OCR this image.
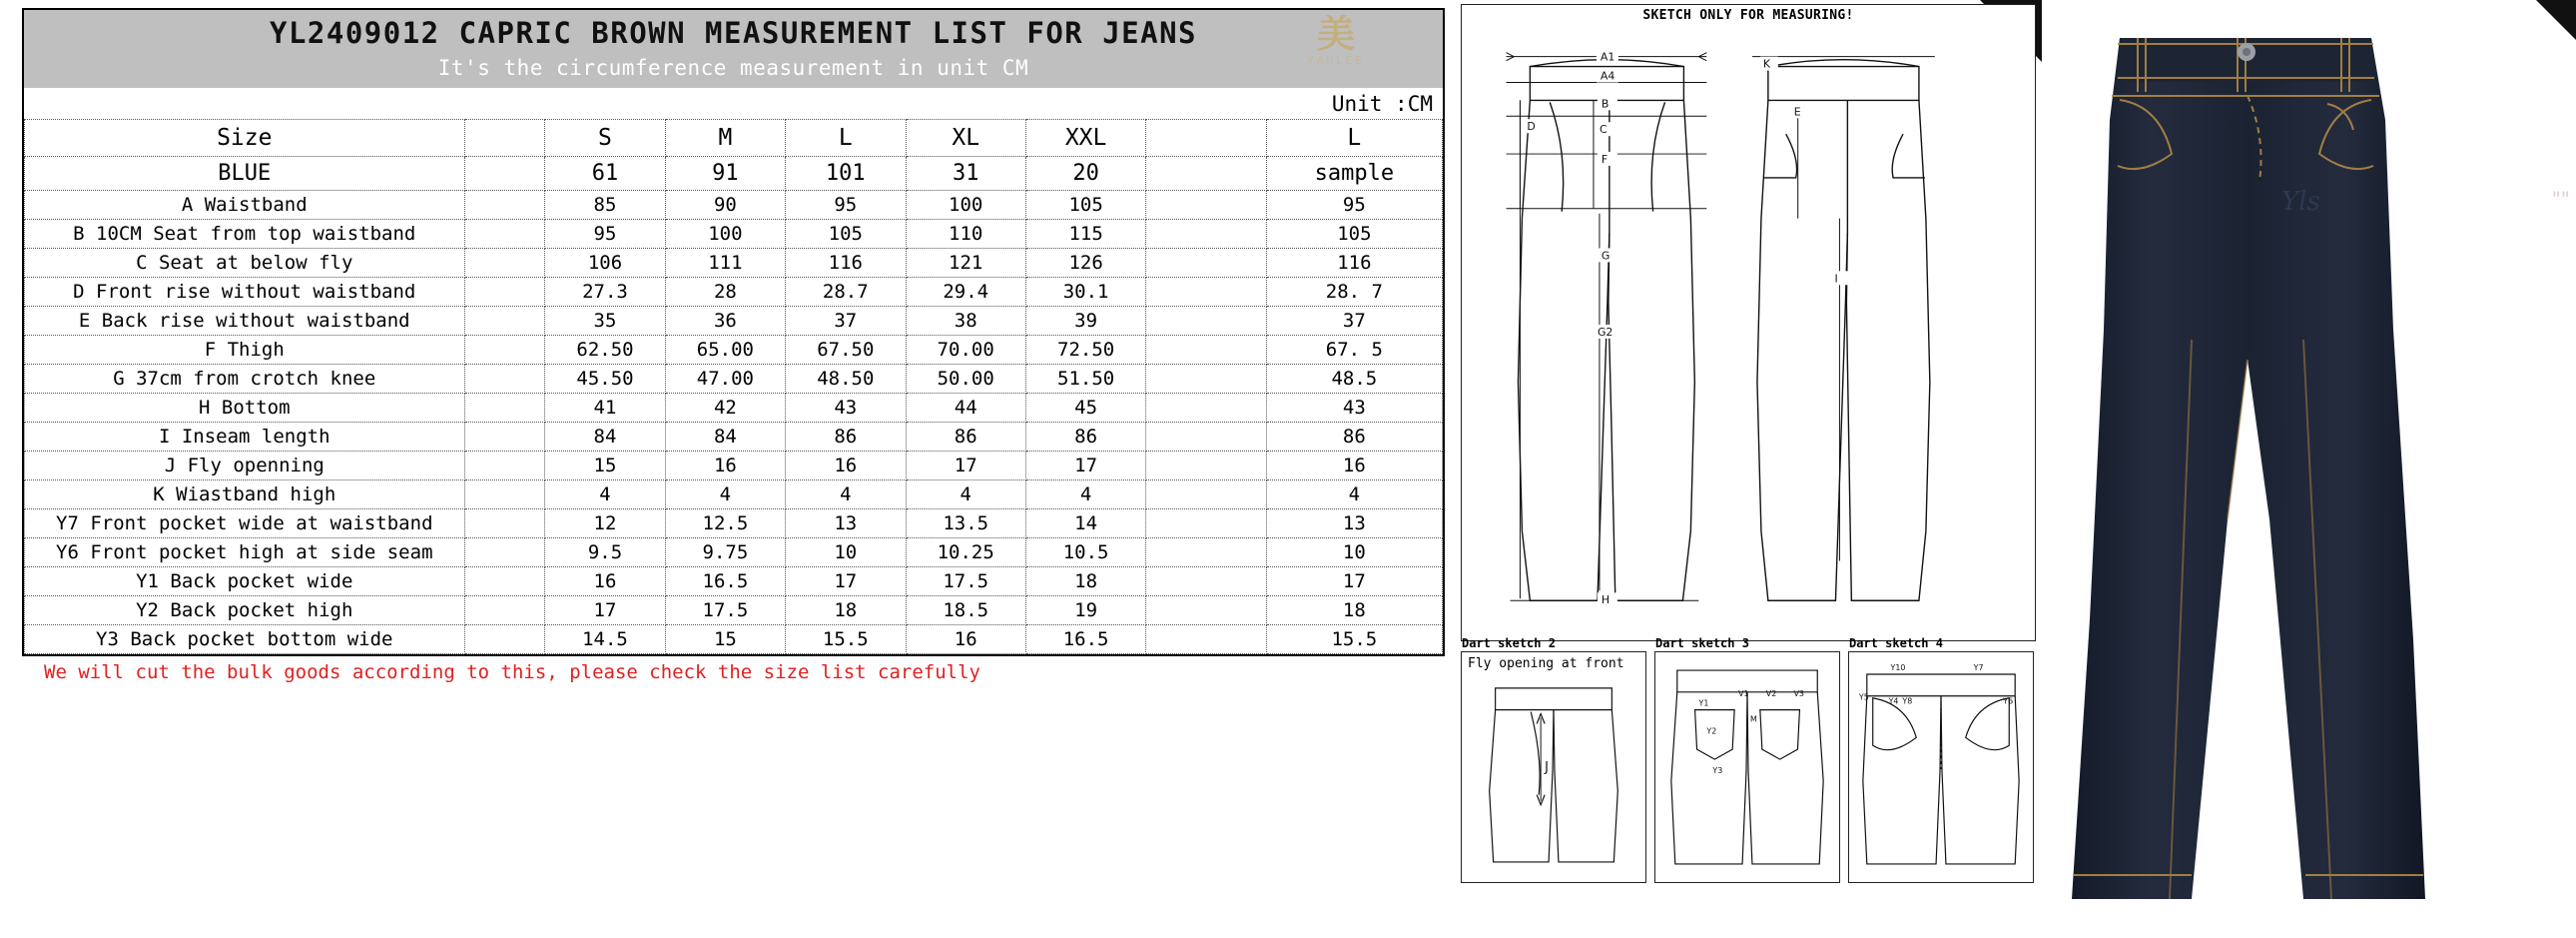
YL2409012 CAPRIC BROWN MEASUREMENT LIST FOR JEANS
It's the circumference measurement in unit CM
美
YAULEE
Unit :CM
Size		S	M	L	XL	XXL		L
BLUE		61	91	101	31	20		sample
A Waistband		85	90	95	100	105		95
B 10CM Seat from top waistband		95	100	105	110	115		105
C Seat at below fly		106	111	116	121	126		116
D Front rise without waistband		27.3	28	28.7	29.4	30.1		28. 7
E Back rise without waistband		35	36	37	38	39		37
F Thigh		62.50	65.00	67.50	70.00	72.50		67. 5
G 37cm from crotch knee		45.50	47.00	48.50	50.00	51.50		48.5
H Bottom		41	42	43	44	45		43
I Inseam length		84	84	86	86	86		86
J Fly openning		15	16	16	17	17		16
K Wiastband high		4	4	4	4	4		4
Y7 Front pocket wide at waistband		12	12.5	13	13.5	14		13
Y6 Front pocket high at side seam		9.5	9.75	10	10.25	10.5		10
Y1 Back pocket wide		16	16.5	17	17.5	18		17
Y2 Back pocket high		17	17.5	18	18.5	19		18
Y3 Back pocket bottom wide		14.5	15	15.5	16	16.5		15.5
We will cut the bulk goods according to this, please check the size list carefully
SKETCH ONLY FOR MEASURING!
A1
A4
B
D	C
F
G
G2
H
K
E
I
Dart sketch 2
Fly opening at front
J
Dart sketch 3
Y1
V1 V2 V3
Y2
M
Y3
Dart sketch 4
Y10	Y7
Y5 Y4 Y8	Y6
Yls	""
